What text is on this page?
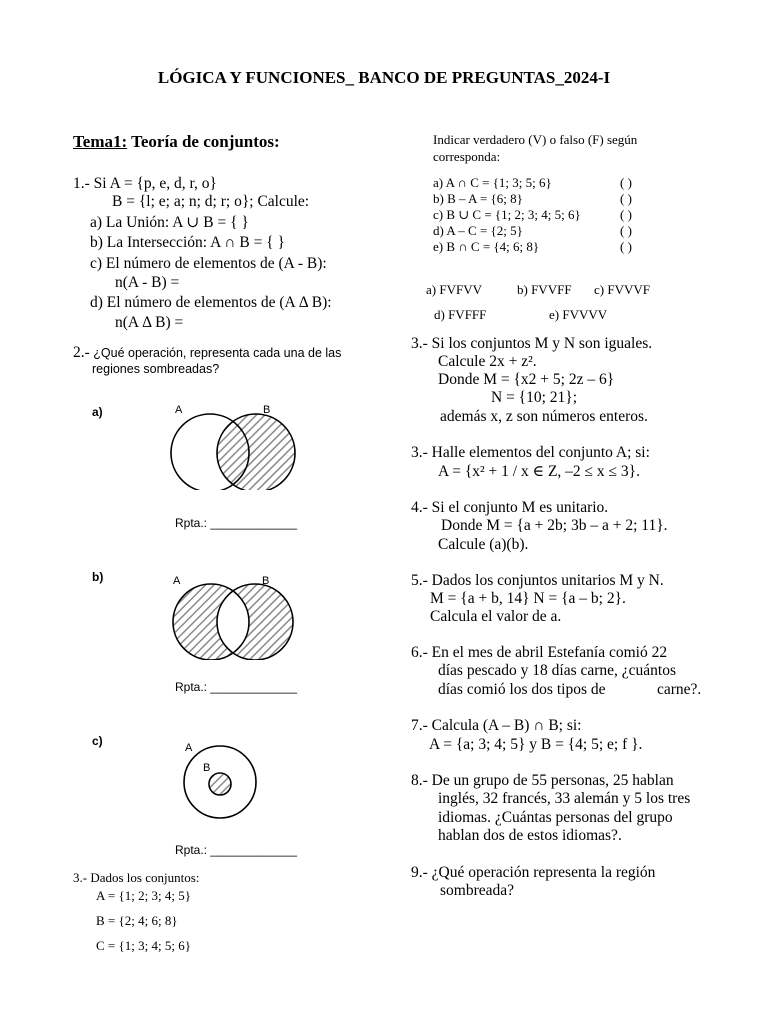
LÓGICA Y FUNCIONES_ BANCO DE PREGUNTAS_2024-I
Tema1: Teoría de conjuntos:
1.- Si A = {p, e, d, r, o}
B = {l; e; a; n; d; r; o}; Calcule:
a) La Unión: A ∪ B = { }
b) La Intersección: A ∩ B = { }
c) El número de elementos de (A - B):
n(A - B) =
d) El número de elementos de (A Δ B):
n(A Δ B) =
2.- ¿Qué operación, representa cada una de las
regiones sombreadas?
a)	A	B
Rpta.: _____________
b)	A	B
Rpta.: _____________
c)	A
B
Rpta.: _____________
3.- Dados los conjuntos:
A = {1; 2; 3; 4; 5}
B = {2; 4; 6; 8}
C = {1; 3; 4; 5; 6}
Indicar verdadero (V) o falso (F) según
corresponda:
a) A ∩ C = {1; 3; 5; 6}	( )
b) B – A = {6; 8}	( )
c) B ∪ C = {1; 2; 3; 4; 5; 6}	( )
d) A – C = {2; 5}	( )
e) B ∩ C = {4; 6; 8}	( )
a) FVFVV	b) FVVFF c) FVVVF
d) FVFFF	e) FVVVV
3.- Si los conjuntos M y N son iguales.
Calcule 2x + z².
Donde M = {x2 + 5; 2z – 6}
N = {10; 21};
además x, z son números enteros.
3.- Halle elementos del conjunto A; si:
A = {x² + 1 / x ∈ Z, –2 ≤ x ≤ 3}.
4.- Si el conjunto M es unitario.
Donde M = {a + 2b; 3b – a + 2; 11}.
Calcule (a)(b).
5.- Dados los conjuntos unitarios M y N.
M = {a + b, 14} N = {a – b; 2}.
Calcula el valor de a.
6.- En el mes de abril Estefanía comió 22
días pescado y 18 días carne, ¿cuántos
días comió los dos tipos de	carne?.
7.- Calcula (A – B) ∩ B; si:
A = {a; 3; 4; 5} y B = {4; 5; e; f }.
8.- De un grupo de 55 personas, 25 hablan
inglés, 32 francés, 33 alemán y 5 los tres
idiomas. ¿Cuántas personas del grupo
hablan dos de estos idiomas?.
9.- ¿Qué operación representa la región
sombreada?
